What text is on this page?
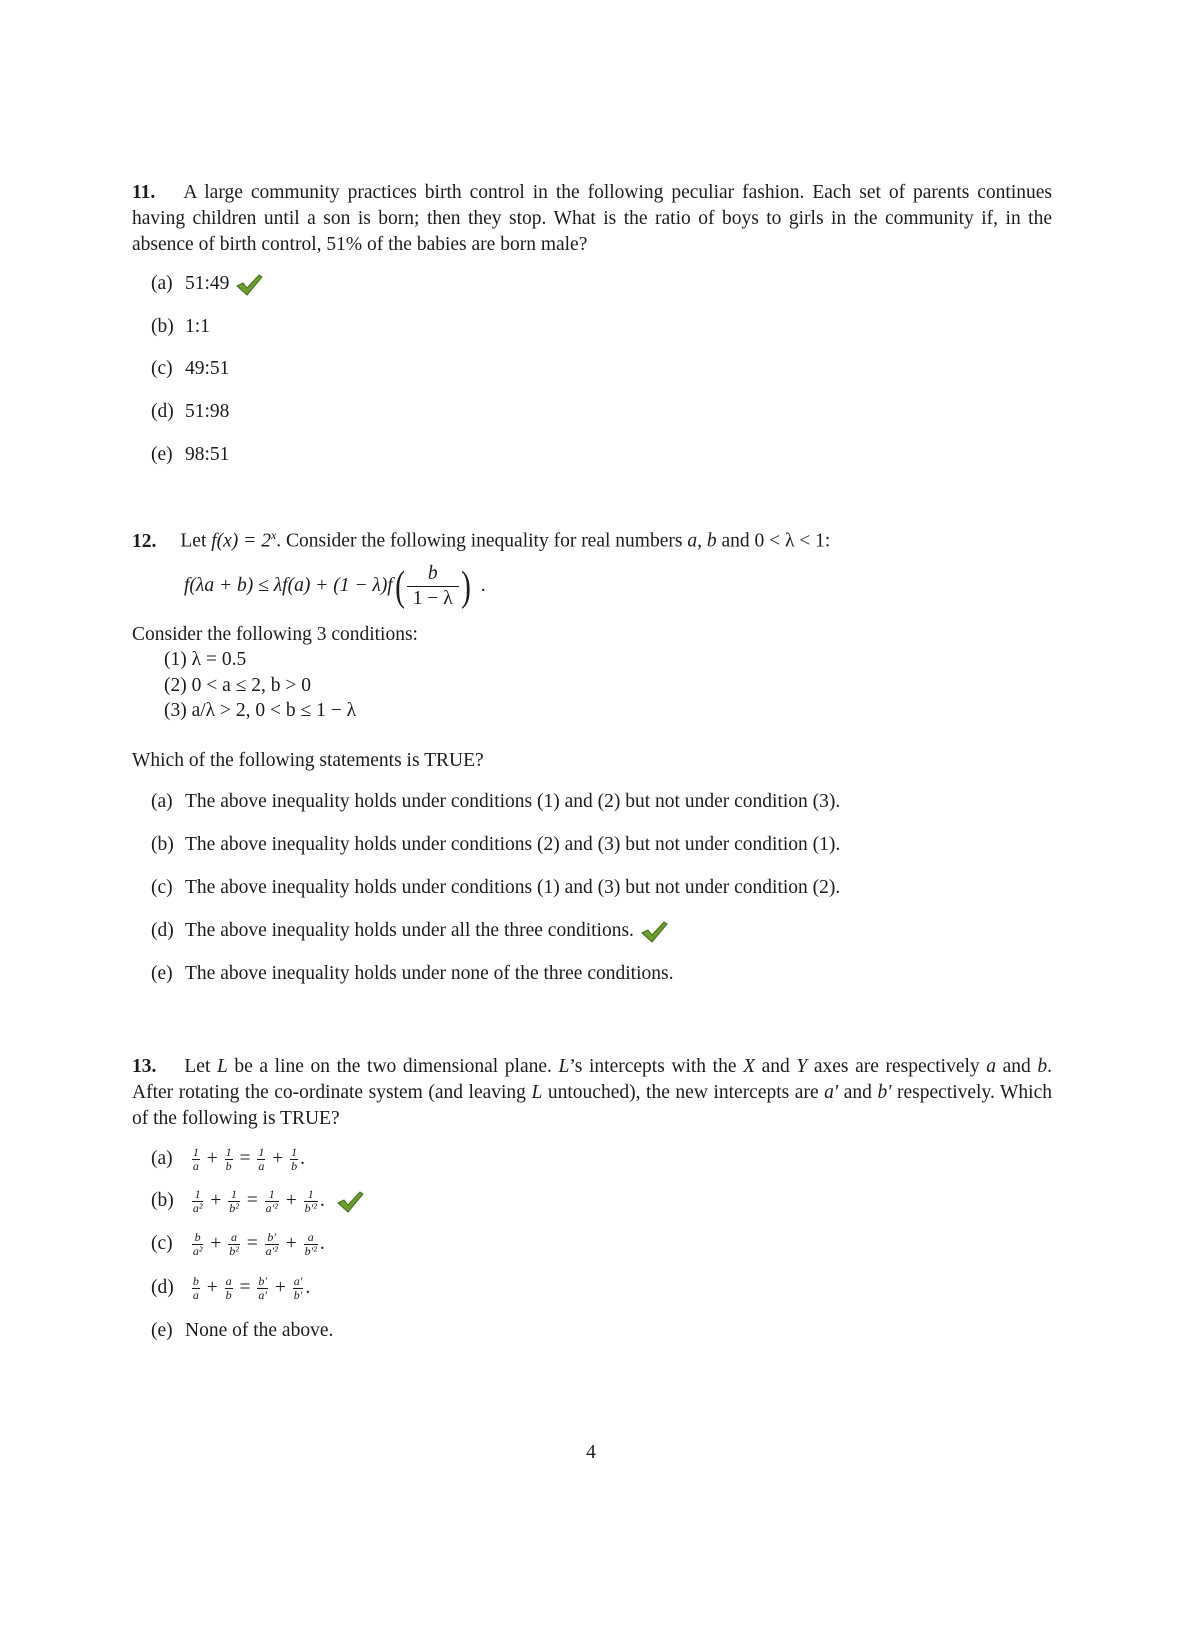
11. A large community practices birth control in the following peculiar fashion. Each set of parents continues having children until a son is born; then they stop. What is the ratio of boys to girls in the community if, in the absence of birth control, 51% of the babies are born male?

(a) 51:49
(b) 1:1
(c) 49:51
(d) 51:98
(e) 98:51

12. Let $f(x) = 2^x$. Consider the following inequality for real numbers a, b and 0 < λ < 1:

$f(\lambda a + b) \le \lambda f(a) + (1 - \lambda)f( \frac{b}{1 - \lambda}$ ) .
Consider the following 3 conditions:
(1) λ = 0.5
(2) 0 < a ≤ 2, b > 0
(3) a/λ > 2, 0 < b ≤ 1 − λ
Which of the following statements is TRUE?
(a) The above inequality holds under conditions (1) and (2) but not under condition (3).
(b) The above inequality holds under conditions (2) and (3) but not under condition (1).
(c) The above inequality holds under conditions (1) and (3) but not under condition (2).
(d) The above inequality holds under all the three conditions.
(e) The above inequality holds under none of the three conditions.

13. Let L be a line on the two dimensional plane. L’s intercepts with the X and Y axes are respectively a and b. After rotating the co-ordinate system (and leaving L untouched), the new intercepts are a′ and b′ respectively. Which of the following is TRUE?

$(a) \frac{1}{a} + \frac{1}{b} = \frac{1}{a} + \frac{1}{b}$ .
$(b) \frac{1}{\text{a²}} + \frac{1}{\text{b²}} = \frac{1}{\text{a′²}} + \frac{1}{\text{b′²}}$ .
$(c) \frac{b}{\text{a²}} + \frac{a}{\text{b²}} = \frac{b'}{\text{a′²}} + \frac{a}{\text{b′²}}$ .
$(d) \frac{b}{a} + \frac{a}{b} = \frac{b'}{a'} + \frac{a'}{b'}$ .
(e) None of the above.
4
